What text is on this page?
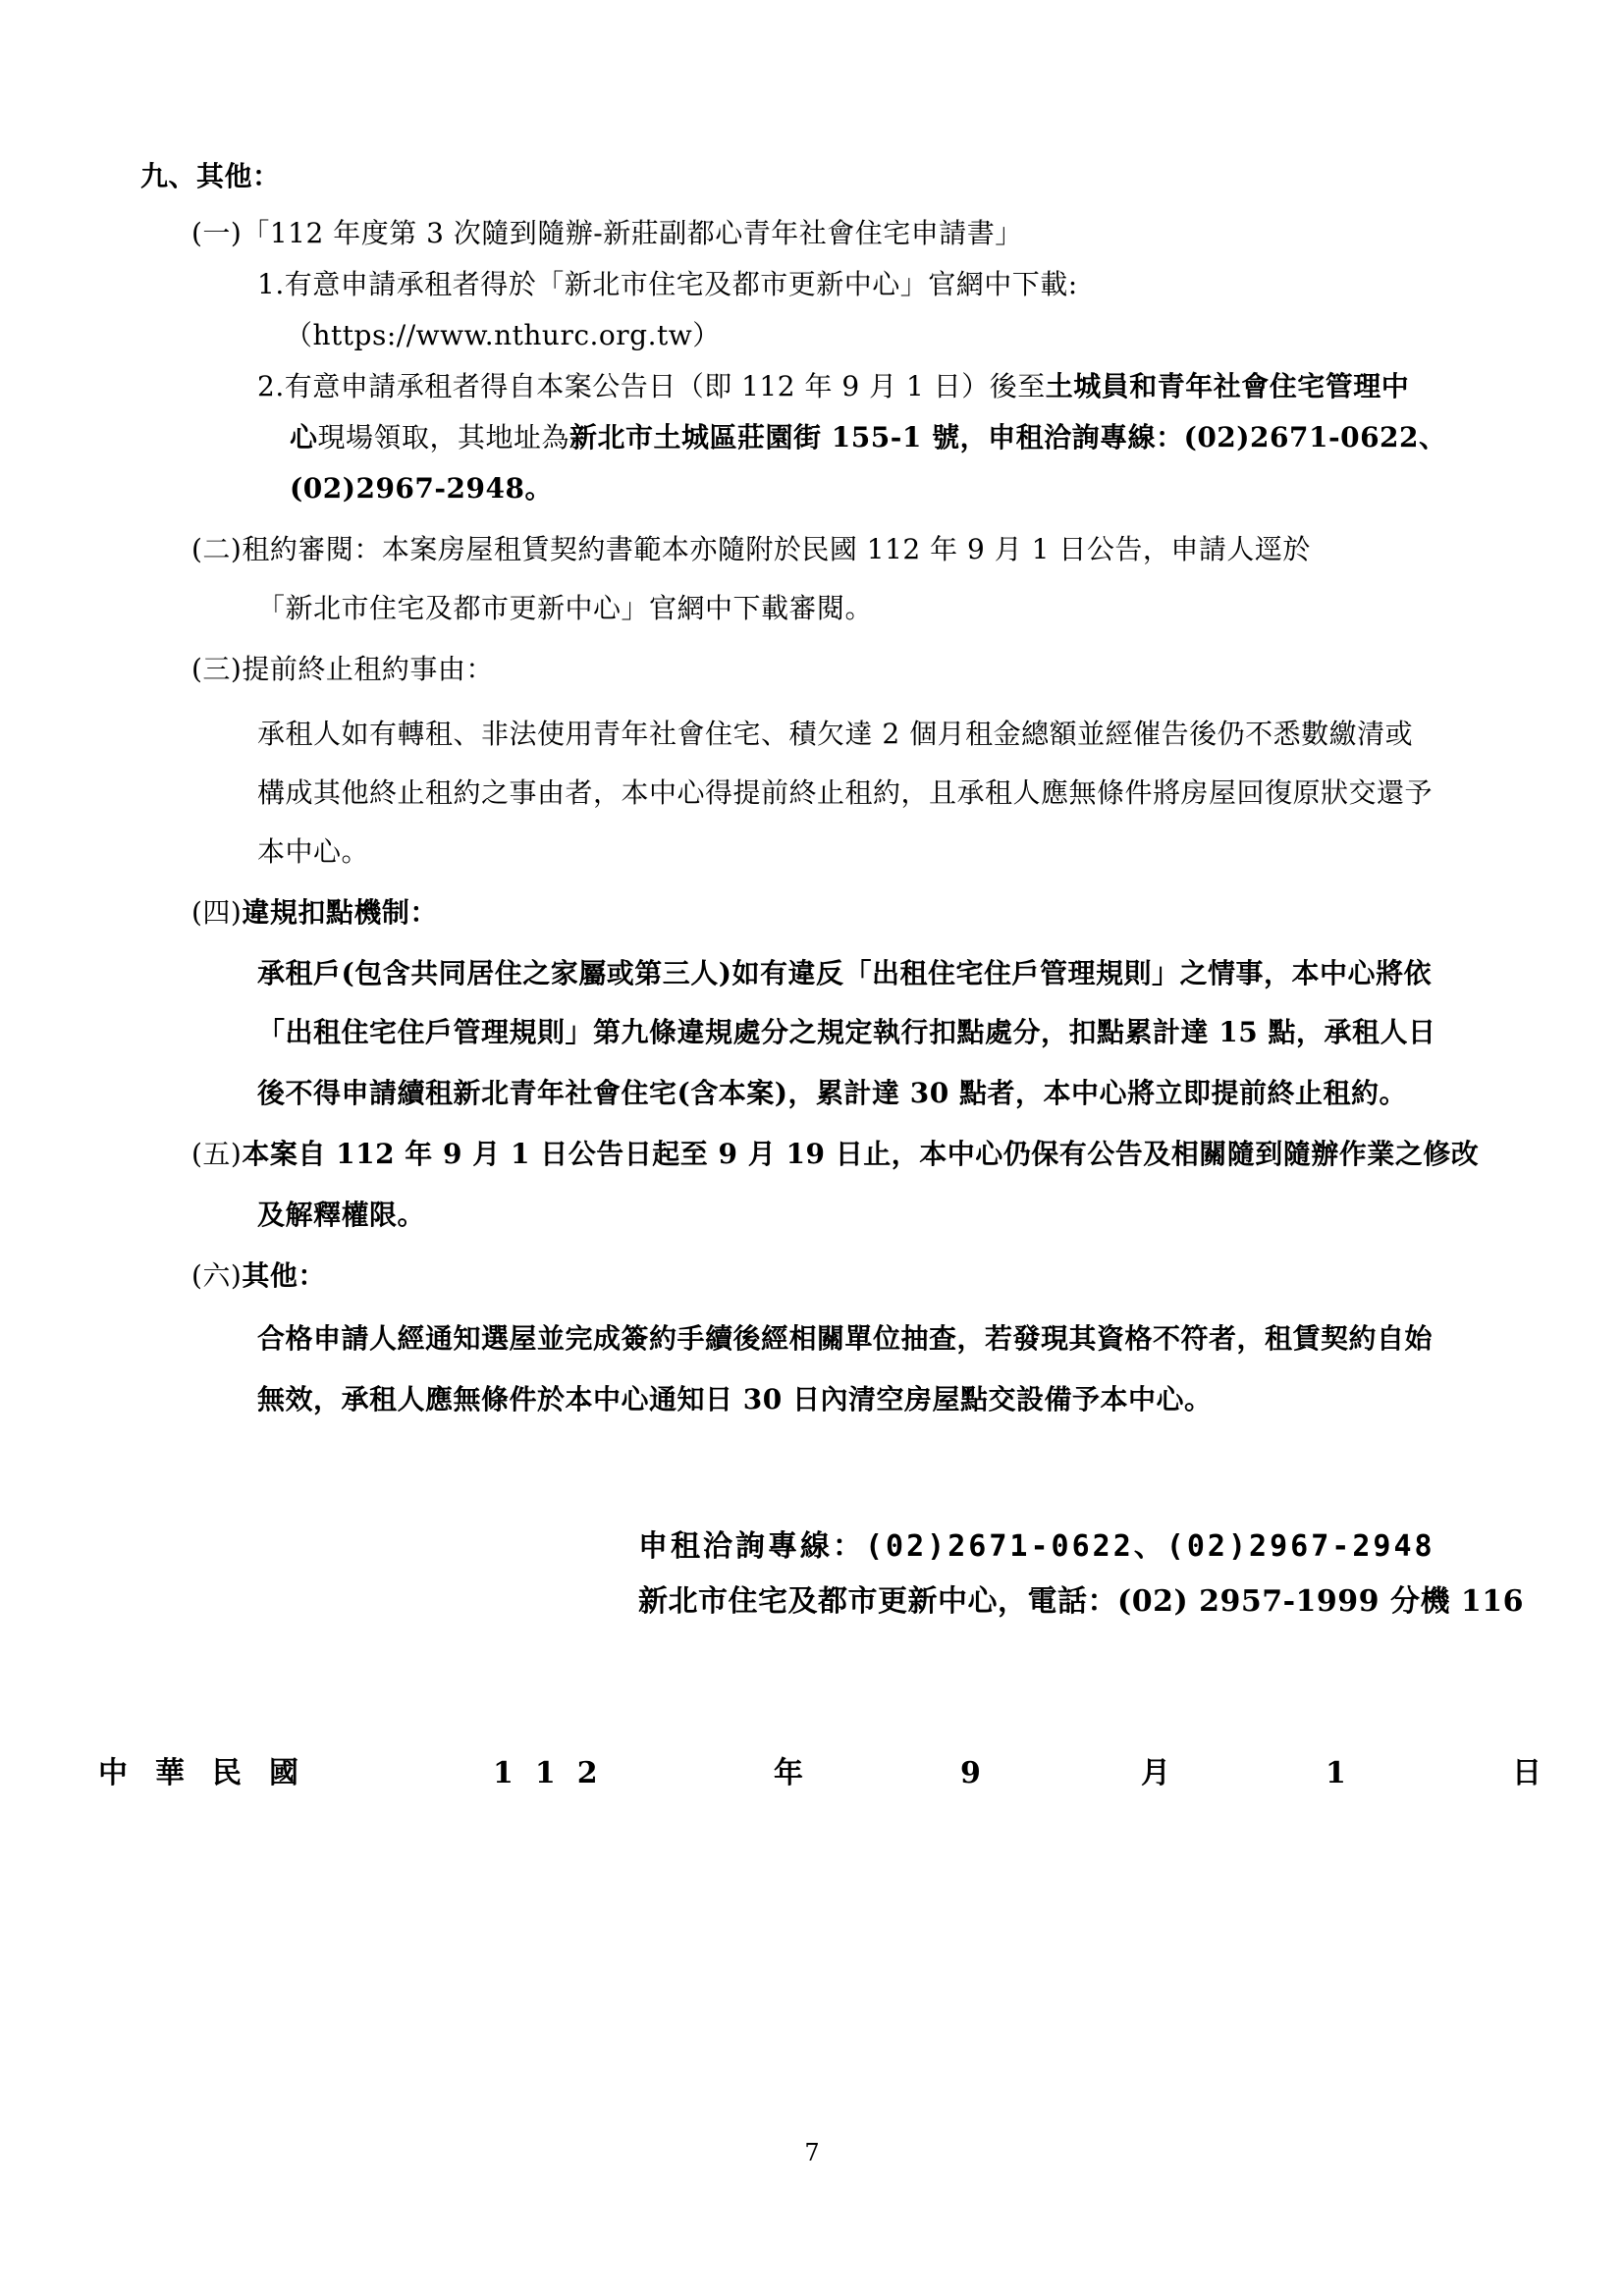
九、其他：
(一)「112 年度第 3 次隨到隨辦-新莊副都心青年社會住宅申請書」
1.有意申請承租者得於「新北市住宅及都市更新中心」官網中下載:
（https://www.nthurc.org.tw）
2.有意申請承租者得自本案公告日（即 112 年 9 月 1 日）後至土城員和青年社會住宅管理中
心現場領取，其地址為新北市土城區莊園街 155-1 號，申租洽詢專線：(02)2671-0622、
(02)2967-2948。
(二)租約審閱：本案房屋租賃契約書範本亦隨附於民國 112 年 9 月 1 日公告，申請人逕於
「新北市住宅及都市更新中心」官網中下載審閱。
(三)提前終止租約事由：
承租人如有轉租、非法使用青年社會住宅、積欠達 2 個月租金總額並經催告後仍不悉數繳清或
構成其他終止租約之事由者，本中心得提前終止租約，且承租人應無條件將房屋回復原狀交還予
本中心。
(四)違規扣點機制：
承租戶(包含共同居住之家屬或第三人)如有違反「出租住宅住戶管理規則」之情事，本中心將依
「出租住宅住戶管理規則」第九條違規處分之規定執行扣點處分，扣點累計達 15 點，承租人日
後不得申請續租新北青年社會住宅(含本案)，累計達 30 點者，本中心將立即提前終止租約。
(五)本案自 112 年 9 月 1 日公告日起至 9 月 19 日止，本中心仍保有公告及相關隨到隨辦作業之修改
及解釋權限。
(六)其他：
合格申請人經通知選屋並完成簽約手續後經相關單位抽查，若發現其資格不符者，租賃契約自始
無效，承租人應無條件於本中心通知日 30 日內清空房屋點交設備予本中心。
申租洽詢專線：(02)2671-0622、(02)2967-2948
新北市住宅及都市更新中心，電話：(02) 2957-1999 分機 116
中華民國	112	年	9	月	1	日
7
